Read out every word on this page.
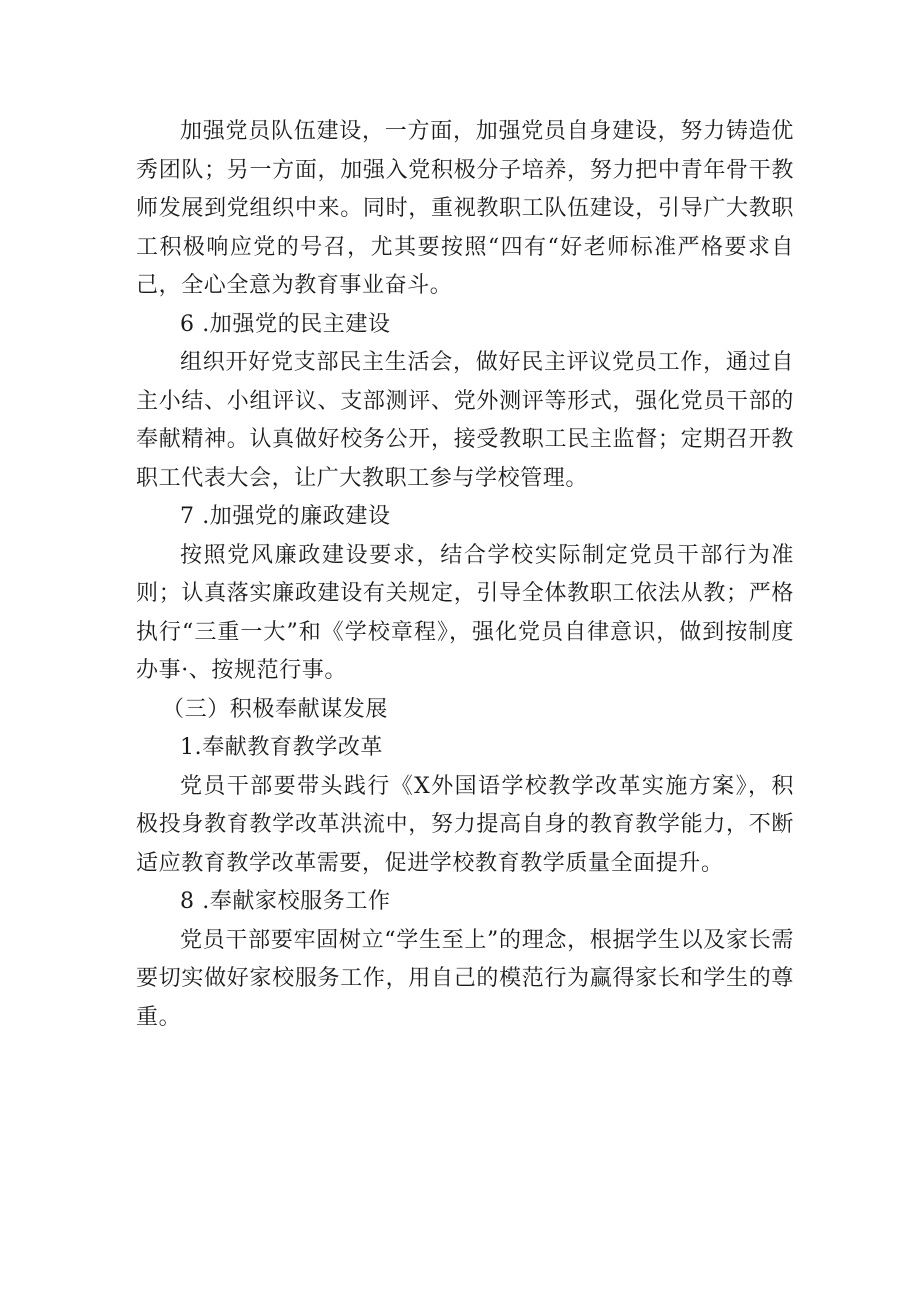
加强党员队伍建设，一方面，加强党员自身建设，努力铸造优秀团队；另一方面，加强入党积极分子培养，努力把中青年骨干教师发展到党组织中来。同时，重视教职工队伍建设，引导广大教职工积极响应党的号召，尤其要按照“四有“好老师标准严格要求自己，全心全意为教育事业奋斗。

6 .加强党的民主建设

组织开好党支部民主生活会，做好民主评议党员工作，通过自主小结、小组评议、支部测评、党外测评等形式，强化党员干部的奉献精神。认真做好校务公开，接受教职工民主监督；定期召开教职工代表大会，让广大教职工参与学校管理。

7 .加强党的廉政建设

按照党风廉政建设要求，结合学校实际制定党员干部行为准则；认真落实廉政建设有关规定，引导全体教职工依法从教；严格执行“三重一大”和《学校章程》，强化党员自律意识，做到按制度办事·、按规范行事。

（三）积极奉献谋发展

1.奉献教育教学改革

党员干部要带头践行《X外国语学校教学改革实施方案》，积极投身教育教学改革洪流中，努力提高自身的教育教学能力，不断适应教育教学改革需要，促进学校教育教学质量全面提升。

8 .奉献家校服务工作

党员干部要牢固树立“学生至上”的理念，根据学生以及家长需要切实做好家校服务工作，用自己的模范行为赢得家长和学生的尊重。
